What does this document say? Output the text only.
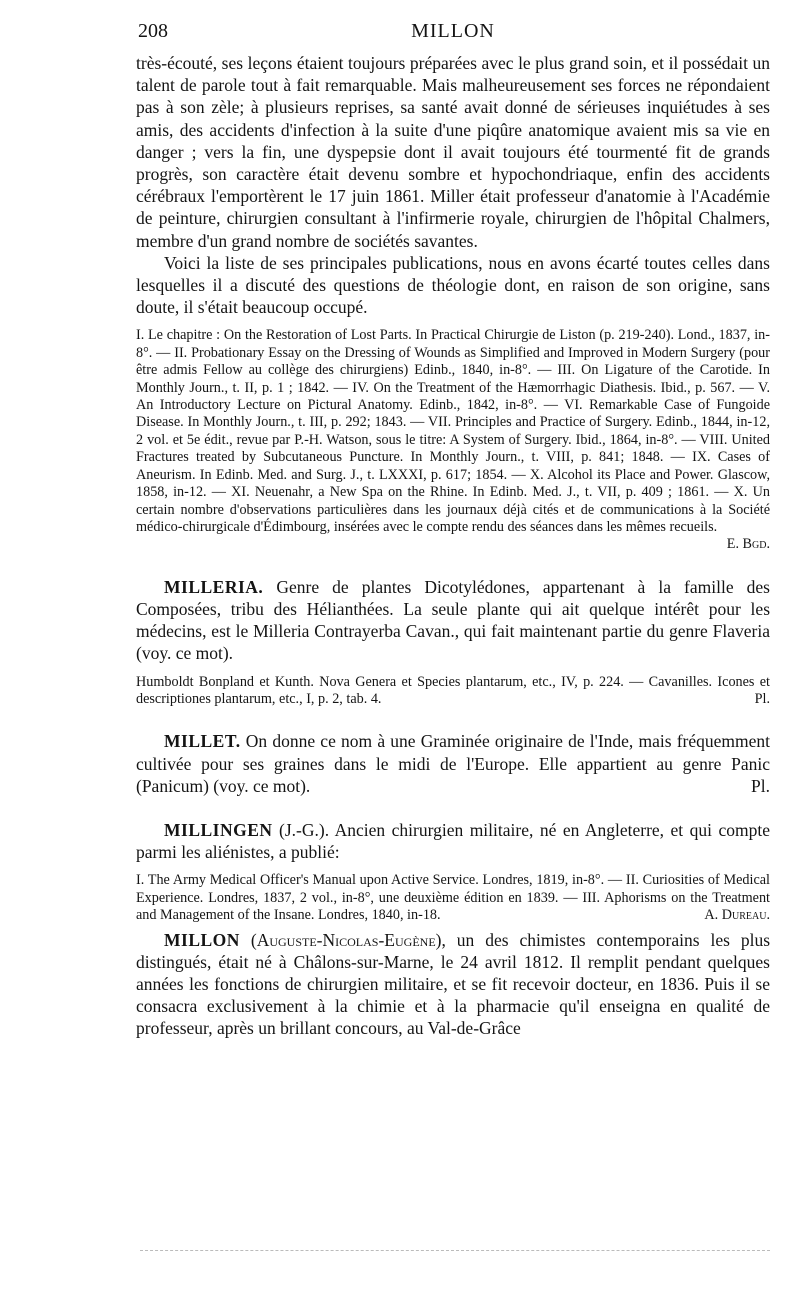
208	MILLON

très-écouté, ses leçons étaient toujours préparées avec le plus grand soin, et il possédait un talent de parole tout à fait remarquable. Mais malheureusement ses forces ne répondaient pas à son zèle; à plusieurs reprises, sa santé avait donné de sérieuses inquiétudes à ses amis, des accidents d'infection à la suite d'une piqûre anatomique avaient mis sa vie en danger ; vers la fin, une dyspepsie dont il avait toujours été tourmenté fit de grands progrès, son caractère était devenu sombre et hypochondriaque, enfin des accidents cérébraux l'emportèrent le 17 juin 1861. Miller était professeur d'anatomie à l'Académie de peinture, chirurgien consultant à l'infirmerie royale, chirurgien de l'hôpital Chalmers, membre d'un grand nombre de sociétés savantes.

Voici la liste de ses principales publications, nous en avons écarté toutes celles dans lesquelles il a discuté des questions de théologie dont, en raison de son origine, sans doute, il s'était beaucoup occupé.

I. Le chapitre : On the Restoration of Lost Parts. In Practical Chirurgie de Liston (p. 219-240). Lond., 1837, in-8°. — II. Probationary Essay on the Dressing of Wounds as Simplified and Improved in Modern Surgery (pour être admis Fellow au collège des chirurgiens) Edinb., 1840, in-8°. — III. On Ligature of the Carotide. In Monthly Journ., t. II, p. 1 ; 1842. — IV. On the Treatment of the Hæmorrhagic Diathesis. Ibid., p. 567. — V. An Introductory Lecture on Pictural Anatomy. Edinb., 1842, in-8°. — VI. Remarkable Case of Fungoide Disease. In Monthly Journ., t. III, p. 292; 1843. — VII. Principles and Practice of Surgery. Edinb., 1844, in-12, 2 vol. et 5e édit., revue par P.-H. Watson, sous le titre: A System of Surgery. Ibid., 1864, in-8°. — VIII. United Fractures treated by Subcutaneous Puncture. In Monthly Journ., t. VIII, p. 841; 1848. — IX. Cases of Aneurism. In Edinb. Med. and Surg. J., t. LXXXI, p. 617; 1854. — X. Alcohol its Place and Power. Glascow, 1858, in-12. — XI. Neuenahr, a New Spa on the Rhine. In Edinb. Med. J., t. VII, p. 409 ; 1861. — X. Un certain nombre d'observations particulières dans les journaux déjà cités et de communications à la Société médico-chirurgicale d'Édimbourg, insérées avec le compte rendu des séances dans les mêmes recueils.
E. Bgd.

MILLERIA. Genre de plantes Dicotylédones, appartenant à la famille des Composées, tribu des Hélianthées. La seule plante qui ait quelque intérêt pour les médecins, est le Milleria Contrayerba Cavan., qui fait maintenant partie du genre Flaveria (voy. ce mot).

Humboldt Bonpland et Kunth. Nova Genera et Species plantarum, etc., IV, p. 224. — Cavanilles. Icones et descriptiones plantarum, etc., I, p. 2, tab. 4.	Pl.

MILLET. On donne ce nom à une Graminée originaire de l'Inde, mais fréquemment cultivée pour ses graines dans le midi de l'Europe. Elle appartient au genre Panic (Panicum) (voy. ce mot).	Pl.

MILLINGEN (J.-G.). Ancien chirurgien militaire, né en Angleterre, et qui compte parmi les aliénistes, a publié:

I. The Army Medical Officer's Manual upon Active Service. Londres, 1819, in-8°. — II. Curiosities of Medical Experience. Londres, 1837, 2 vol., in-8°, une deuxième édition en 1839. — III. Aphorisms on the Treatment and Management of the Insane. Londres, 1840, in-18.	A. Dureau.

MILLON (Auguste-Nicolas-Eugène), un des chimistes contemporains les plus distingués, était né à Châlons-sur-Marne, le 24 avril 1812. Il remplit pendant quelques années les fonctions de chirurgien militaire, et se fit recevoir docteur, en 1836. Puis il se consacra exclusivement à la chimie et à la pharmacie qu'il enseigna en qualité de professeur, après un brillant concours, au Val-de-Grâce
